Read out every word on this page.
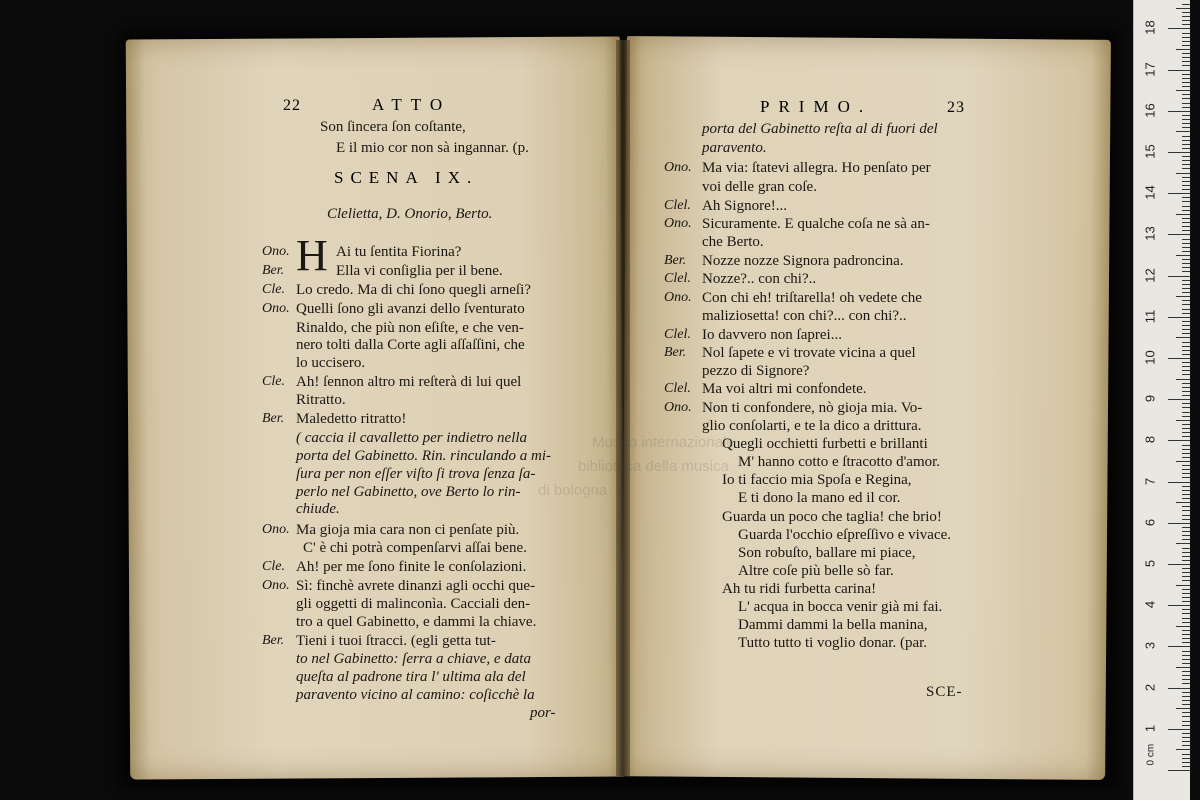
22	ATTO
SCENA IX.
H
Son ſincera ſon coſtante,
E il mio cor non sà ingannar. (p.
Clelietta, D. Onorio, Berto.
Ono.	Ai tu ſentita Fiorina?
Ber.	Ella vi conſiglia per il bene.
Cle. Lo credo. Ma di chi ſono quegli arneſi?
Ono. Quelli ſono gli avanzi dello ſventurato
Rinaldo, che più non eſiſte, e che ven-
nero tolti dalla Corte agli aſſaſſini, che
lo uccisero.
Cle. Ah! ſennon altro mi reſterà di lui quel
Ritratto.
Ber. Maledetto ritratto!
( caccia il cavalletto per indietro nella
porta del Gabinetto. Rin. rinculando a mi-
ſura per non eſſer viſto ſi trova ſenza ſa-
perlo nel Gabinetto, ove Berto lo rin-
chiude.
Ono. Ma gioja mia cara non ci penſate più.
C' è chi potrà compenſarvi aſſai bene.
Cle. Ah! per me ſono finite le conſolazioni.
Ono. Sì: finchè avrete dinanzi agli occhi que-
gli oggetti di malinconìa. Cacciali den-
tro a quel Gabinetto, e dammi la chiave.
Ber. Tieni i tuoi ſtracci. (egli getta tut-
to nel Gabinetto: ſerra a chiave, e data
queſta al padrone tira l' ultima ala del
paravento vicino al camino: coſicchè la
por-
PRIMO.	23
porta del Gabinetto reſta al di fuori del
paravento.
Ono. Ma via: ſtatevi allegra. Ho penſato per
voi delle gran coſe.
Clel. Ah Signore!...
Ono. Sicuramente. E qualche coſa ne sà an-
che Berto.
Ber. Nozze nozze Signora padroncina.
Clel. Nozze?.. con chi?..
Ono. Con chi eh! triſtarella! oh vedete che
maliziosetta! con chi?... con chi?..
Clel. Io davvero non ſaprei...
Ber. Nol ſapete e vi trovate vicina a quel
pezzo di Signore?
Clel. Ma voi altri mi confondete.
Ono. Non ti confondere, nò gioja mia. Vo-
glio conſolarti, e te la dico a drittura.
Quegli occhietti furbetti e brillanti
M' hanno cotto e ſtracotto d'amor.
Io ti faccio mia Spoſa e Regina,
E ti dono la mano ed il cor.
Guarda un poco che taglia! che brio!
Guarda l'occhio eſpreſſivo e vivace.
Son robuſto, ballare mi piace,
Altre coſe più belle sò far.
Ah tu ridi furbetta carina!
L' acqua in bocca venir già mi fai.
Dammi dammi la bella manina,
Tutto tutto ti voglio donar. (par.
SCE-
Museo internazionale
biblioteca della musica
di bologna
0 cm
1
2
3
4
5
6
7
8
9
10
11
12
13
14
15
16
17
18
